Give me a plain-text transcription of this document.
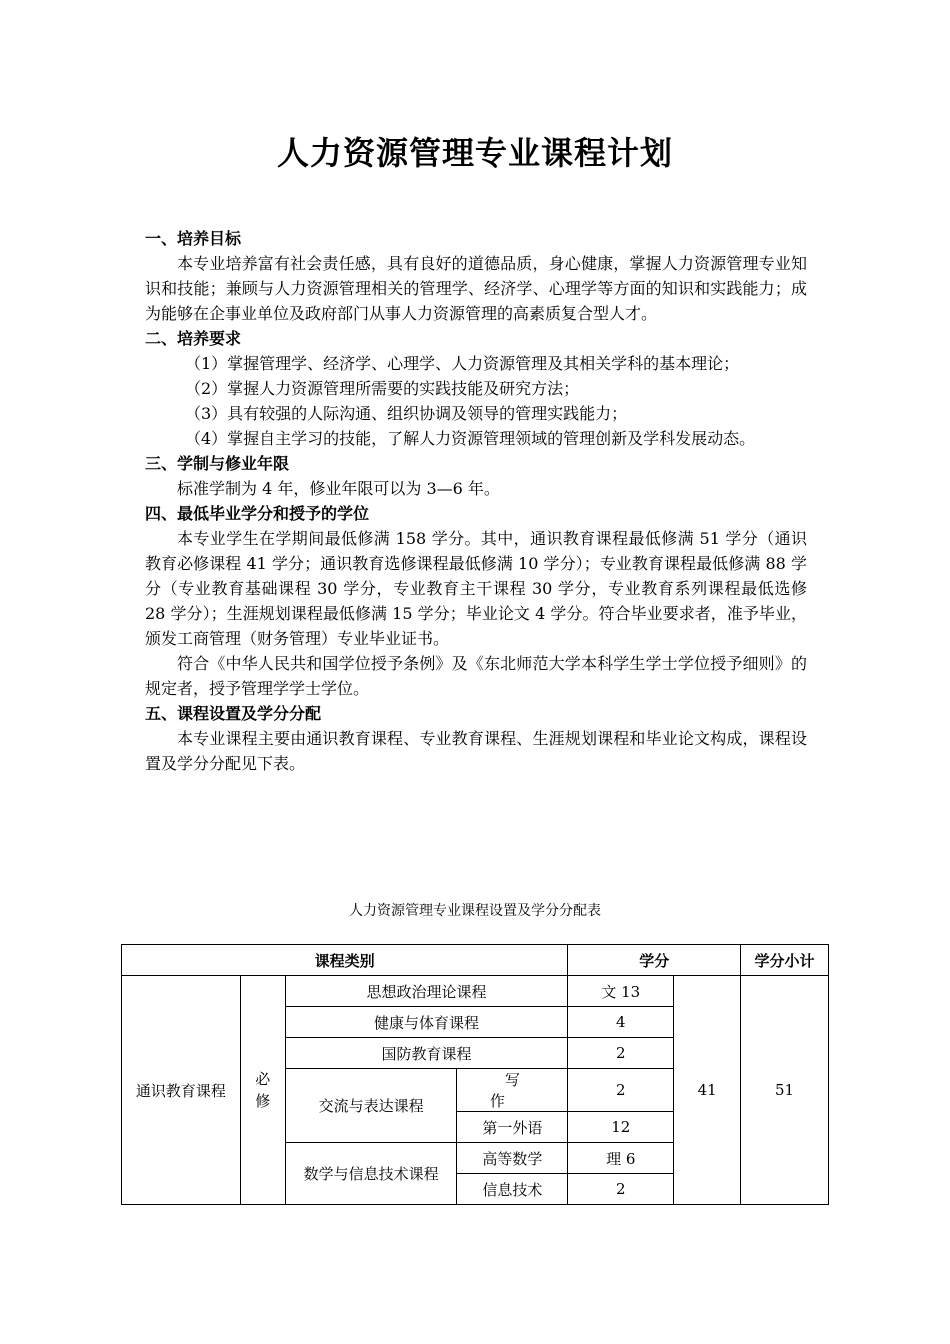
人力资源管理专业课程计划

一、培养目标

本专业培养富有社会责任感，具有良好的道德品质，身心健康，掌握人力资源管理专业知识和技能；兼顾与人力资源管理相关的管理学、经济学、心理学等方面的知识和实践能力；成为能够在企事业单位及政府部门从事人力资源管理的高素质复合型人才。

二、培养要求

（1）掌握管理学、经济学、心理学、人力资源管理及其相关学科的基本理论；

（2）掌握人力资源管理所需要的实践技能及研究方法；

（3）具有较强的人际沟通、组织协调及领导的管理实践能力；

（4）掌握自主学习的技能，了解人力资源管理领域的管理创新及学科发展动态。

三、学制与修业年限

标准学制为 4 年，修业年限可以为 3—6 年。

四、最低毕业学分和授予的学位

本专业学生在学期间最低修满 158 学分。其中，通识教育课程最低修满 51 学分（通识教育必修课程 41 学分；通识教育选修课程最低修满 10 学分）；专业教育课程最低修满 88 学分（专业教育基础课程 30 学分，专业教育主干课程 30 学分，专业教育系列课程最低选修 28 学分）；生涯规划课程最低修满 15 学分；毕业论文 4 学分。符合毕业要求者，准予毕业，颁发工商管理（财务管理）专业毕业证书。

符合《中华人民共和国学位授予条例》及《东北师范大学本科学生学士学位授予细则》的规定者，授予管理学学士学位。

五、课程设置及学分分配

本专业课程主要由通识教育课程、专业教育课程、生涯规划课程和毕业论文构成，课程设置及学分分配见下表。

人力资源管理专业课程设置及学分分配表

课程类别				学分		学分小计
通识教育课程	必修	思想政治理论课程		文 13	41	51
		健康与体育课程		4		
		国防教育课程		2		
		交流与表达课程	写作	2		
			第一外语	12		
		数学与信息技术课程	高等数学	理 6		
			信息技术	2		
